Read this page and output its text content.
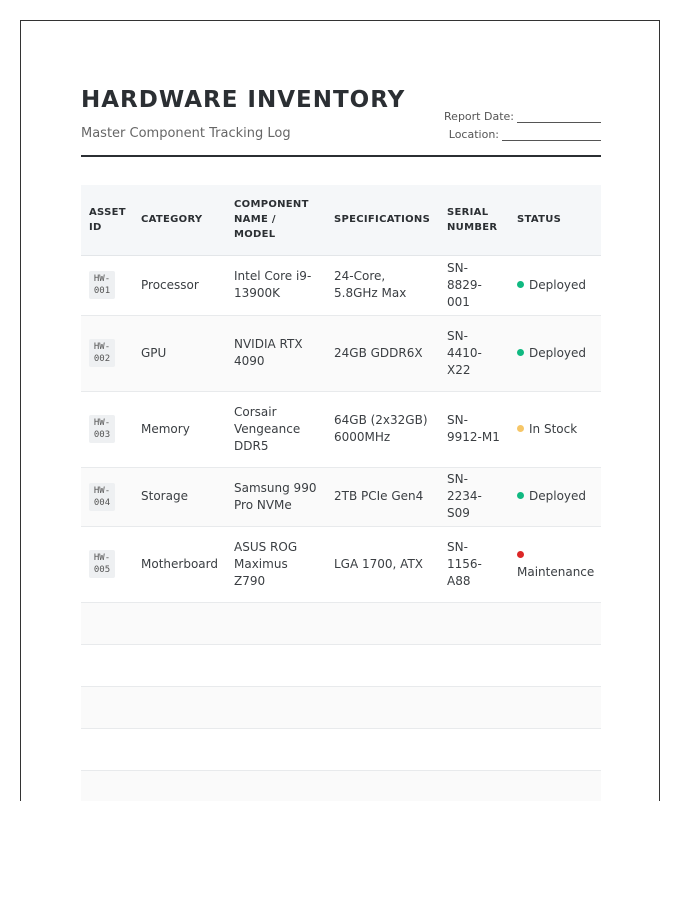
HARDWARE INVENTORY
Master Component Tracking Log
Report Date:
Location:
ASSET ID	CATEGORY	COMPONENT NAME / MODEL	SPECIFICATIONS	SERIAL NUMBER	STATUS
HW-001	Processor	Intel Core i9-13900K	24-Core, 5.8GHz Max	SN-8829-001	Deployed
HW-002	GPU	NVIDIA RTX 4090	24GB GDDR6X	SN-4410-X22	Deployed
HW-003	Memory	Corsair Vengeance DDR5	64GB (2x32GB) 6000MHz	SN-9912-M1	In Stock
HW-004	Storage	Samsung 990 Pro NVMe	2TB PCIe Gen4	SN-2234-S09	Deployed
HW-005	Motherboard	ASUS ROG Maximus Z790	LGA 1700, ATX	SN-1156-A88	Maintenance
